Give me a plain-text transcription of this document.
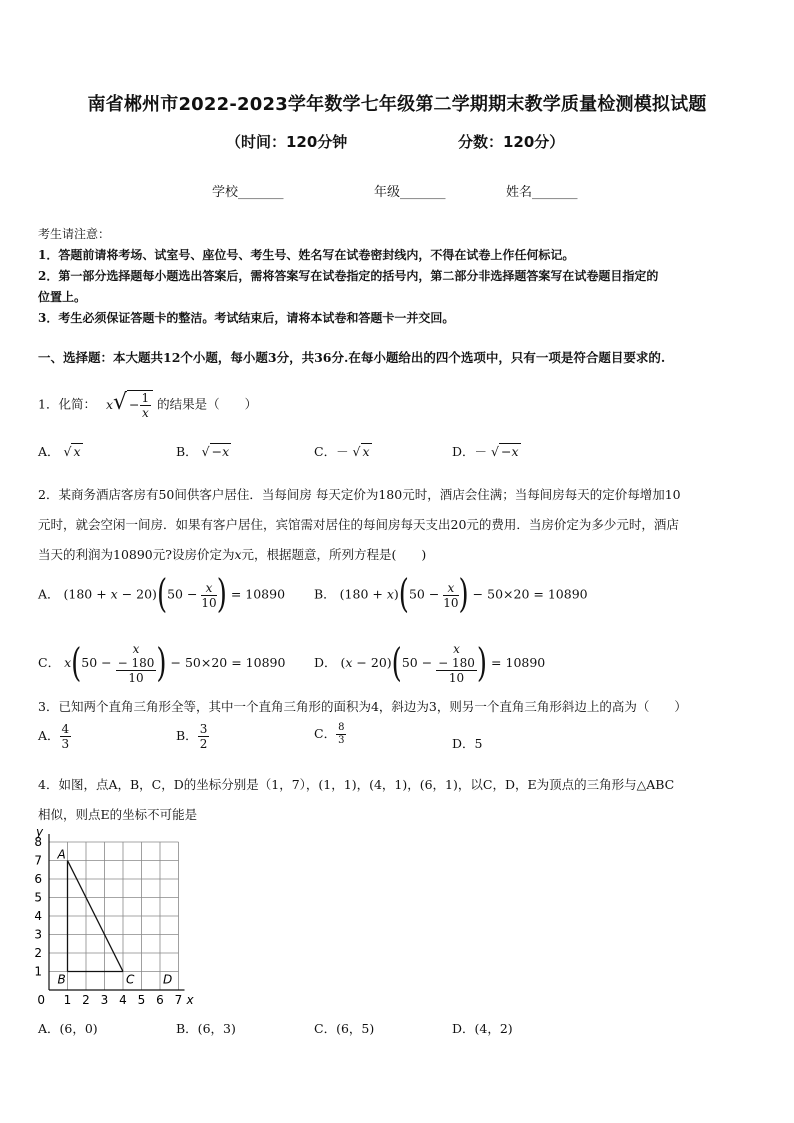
南省郴州市2022-2023学年数学七年级第二学期期末教学质量检测模拟试题
（时间：120分钟	分数：120分）
学校_______	年级_______	姓名_______
考生请注意：
1．答题前请将考场、试室号、座位号、考生号、姓名写在试卷密封线内，不得在试卷上作任何标记。
2．第一部分选择题每小题选出答案后，需将答案写在试卷指定的括号内，第二部分非选择题答案写在试卷题目指定的
位置上。
3．考生必须保证答题卡的整洁。考试结束后，请将本试卷和答题卡一并交回。
一、选择题：本大题共12个小题，每小题3分，共36分.在每小题给出的四个选项中，只有一项是符合题目要求的.
1．化简： $x√ - \frac{1}{x}$ 的结果是（　　）
A． √ x	B． √ −x	C．－ √ x	D．－ √ −x
2．某商务酒店客房有50间供客户居住．当每间房 每天定价为180元时，酒店会住满；当每间房每天的定价每增加10
元时，就会空闲一间房．如果有客户居住，宾馆需对居住的每间房每天支出20元的费用．当房价定为多少元时，酒店
当天的利润为10890元?设房价定为x元，根据题意，所列方程是(　　)
A． $(180 + x - 20)(50 - \frac{x}{10}$ ) = 10890 B． $(180 + x)(50 - \frac{x}{10}$ ) − 50×20 = 10890
C． x(50 − x
− 180
10 ) − 50×20 = 10890 D． (x − 20)(50 − x
− 180
10 ) = 10890
3．已知两个直角三角形全等，其中一个直角三角形的面积为4，斜边为3，则另一个直角三角形斜边上的高为（　　）
A． $\frac{4}{3}$	B． $\frac{3}{2}$	C． $\frac{8}{3}$	D．5
4．如图，点A，B，C，D的坐标分别是（1，7），(1，1)，(4，1)，(6，1)，以C，D，E为顶点的三角形与△ABC
相似，则点E的坐标不可能是
1 2 3 4 5 6 7
1
2
3
4
5
6
7
8
0	x
y
A
B	C D
A．(6，0)	B．(6，3)	C．(6，5)	D．(4，2)
